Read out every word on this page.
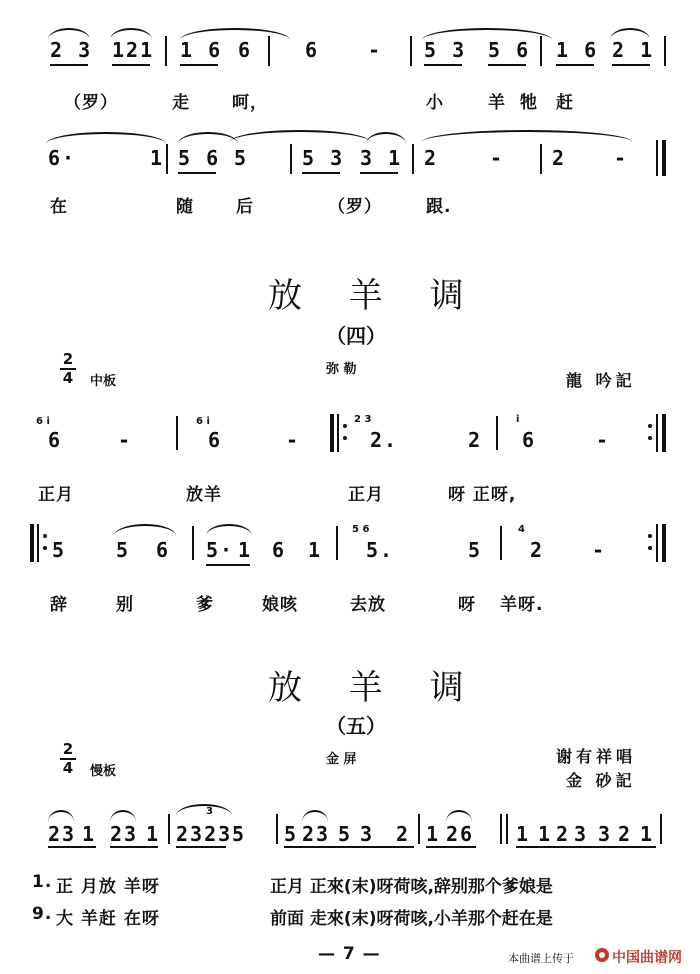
2 3 121 1 6 6	6 - 5 3 5 6 1 6 2 1
（罗）	走 呵，	小	羊 牠 赶
6·	1 5 6 5	5 3 3 1 2	- 2 -
在	随 后	（罗）	跟.
放 羊 调
（四）
2
4 中板
弥 勒
龍 吟記
6 i
6	-
6 i
6	-
2 3
2.	2
i
6	-
正月	放羊	正月	呀 正呀,
5 5 6 5· 1 6 1
5 6
5.	5
4
2 -
辞	别	爹	娘咳	去放	呀 羊呀.
放 羊 调
（五）
2
4 慢板
金 屏	谢有祥唱
金 砂記
3
23 1 23 1 2323 5 5 23 5 3 2 1 26 1 1 2 3 3 2 1
1. 正 月放 羊呀	正月 正來(末)呀荷咳,辞别那个爹娘是
9. 大 羊赶 在呀	前面 走來(末)呀荷咳,小羊那个赶在是
— 7 —	本曲谱上传于	中国曲谱网
